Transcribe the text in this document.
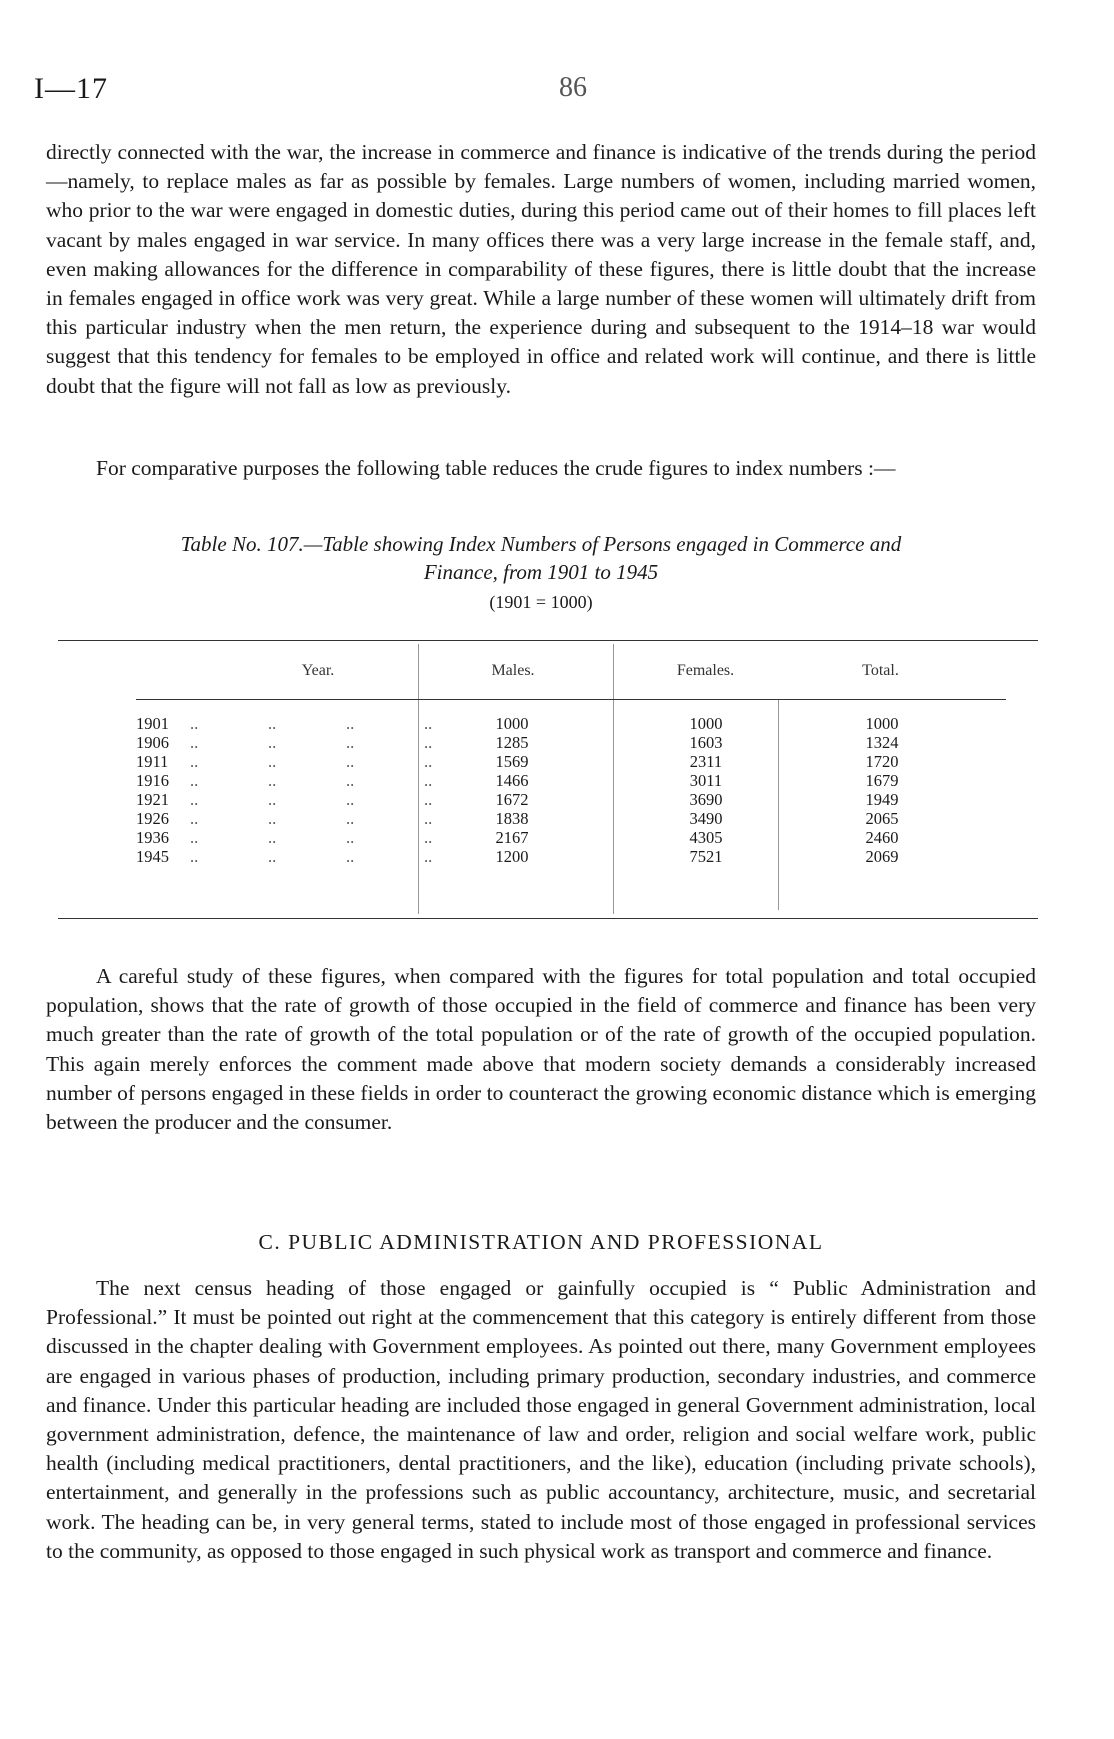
I—17	86

directly connected with the war, the increase in commerce and finance is indicative of the trends during the period—namely, to replace males as far as possible by females. Large numbers of women, including married women, who prior to the war were engaged in domestic duties, during this period came out of their homes to fill places left vacant by males engaged in war service. In many offices there was a very large increase in the female staff, and, even making allowances for the difference in comparability of these figures, there is little doubt that the increase in females engaged in office work was very great. While a large number of these women will ultimately drift from this particular industry when the men return, the experience during and subsequent to the 1914–18 war would suggest that this tendency for females to be employed in office and related work will continue, and there is little doubt that the figure will not fall as low as previously.

For comparative purposes the following table reduces the crude figures to index numbers :—

Table No. 107.—Table showing Index Numbers of Persons engaged in Commerce and
Finance, from 1901 to 1945
(1901 = 1000)
Year.	Males.	Females.	Total.
1901 ..	..	..	..	1000	1000	1000
1906 ..	..	..	..	1285	1603	1324
1911 ..	..	..	..	1569	2311	1720
1916 ..	..	..	..	1466	3011	1679
1921 ..	..	..	..	1672	3690	1949
1926 ..	..	..	..	1838	3490	2065
1936 ..	..	..	..	2167	4305	2460
1945 ..	..	..	..	1200	7521	2069

A careful study of these figures, when compared with the figures for total population and total occupied population, shows that the rate of growth of those occupied in the field of commerce and finance has been very much greater than the rate of growth of the total population or of the rate of growth of the occupied population. This again merely enforces the comment made above that modern society demands a considerably increased number of persons engaged in these fields in order to counteract the growing economic distance which is emerging between the producer and the consumer.

C. PUBLIC ADMINISTRATION AND PROFESSIONAL

The next census heading of those engaged or gainfully occupied is “ Public Administration and Professional.” It must be pointed out right at the commencement that this category is entirely different from those discussed in the chapter dealing with Government employees. As pointed out there, many Government employees are engaged in various phases of production, including primary production, secondary industries, and commerce and finance. Under this particular heading are included those engaged in general Government administration, local government administration, defence, the maintenance of law and order, religion and social welfare work, public health (including medical practitioners, dental practitioners, and the like), education (including private schools), entertainment, and generally in the professions such as public accountancy, architecture, music, and secretarial work. The heading can be, in very general terms, stated to include most of those engaged in professional services to the community, as opposed to those engaged in such physical work as transport and commerce and finance.
